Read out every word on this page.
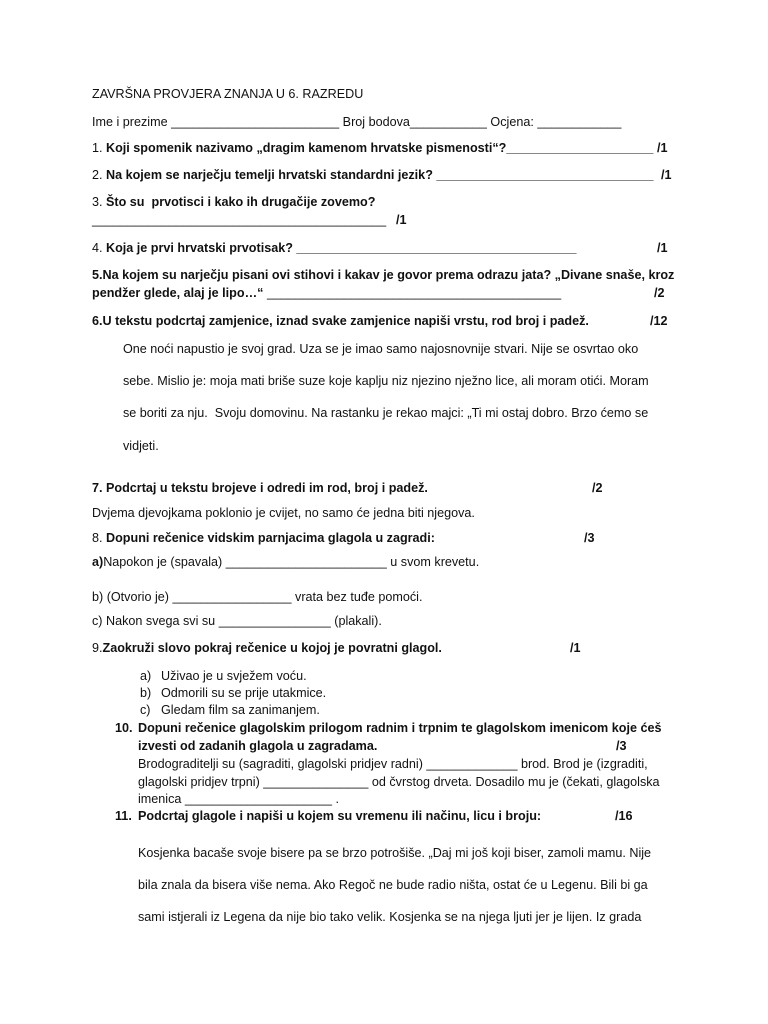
ZAVRŠNA PROVJERA ZNANJA U 6. RAZREDU
Ime i prezime ________________________ Broj bodova___________ Ocjena: ____________
1. Koji spomenik nazivamo „dragim kamenom hrvatske pismenosti“?_____________________ /1
2. Na kojem se narječju temelji hrvatski standardni jezik? _______________________________ /1
3. Što su  prvotisci i kako ih drugačije zovemo?
__________________________________________ /1
4. Koja je prvi hrvatski prvotisak? ________________________________________	/1
5.Na kojem su narječju pisani ovi stihovi i kakav je govor prema odrazu jata? „Divane snaše, kroz
pendžer glede, alaj je lipo…“ __________________________________________	/2
6.U tekstu podcrtaj zamjenice, iznad svake zamjenice napiši vrstu, rod broj i padež.	/12
One noći napustio je svoj grad. Uza se je imao samo najosnovnije stvari. Nije se osvrtao oko
sebe. Mislio je: moja mati briše suze koje kaplju niz njezino nježno lice, ali moram otići. Moram
se boriti za nju.  Svoju domovinu. Na rastanku je rekao majci: „Ti mi ostaj dobro. Brzo ćemo se
vidjeti.
7. Podcrtaj u tekstu brojeve i odredi im rod, broj i padež.	/2
Dvjema djevojkama poklonio je cvijet, no samo će jedna biti njegova.
8. Dopuni rečenice vidskim parnjacima glagola u zagradi:	/3
a)Napokon je (spavala) _______________________ u svom krevetu.
b) (Otvorio je) _________________ vrata bez tuđe pomoći.
c) Nakon svega svi su ________________ (plakali).
9.Zaokruži slovo pokraj rečenice u kojoj je povratni glagol.	/1
a) Uživao je u svježem voću.
b) Odmorili su se prije utakmice.
c) Gledam film sa zanimanjem.
10. Dopuni rečenice glagolskim prilogom radnim i trpnim te glagolskom imenicom koje ćeš
izvesti od zadanih glagola u zagradama.	/3
Brodograditelji su (sagraditi, glagolski pridjev radni) _____________ brod. Brod je (izgraditi,
glagolski pridjev trpni) _______________ od čvrstog drveta. Dosadilo mu je (čekati, glagolska
imenica _____________________ .
11. Podcrtaj glagole i napiši u kojem su vremenu ili načinu, licu i broju:	/16
Kosjenka bacaše svoje bisere pa se brzo potrošiše. „Daj mi još koji biser, zamoli mamu. Nije
bila znala da bisera više nema. Ako Regoč ne bude radio ništa, ostat će u Legenu. Bili bi ga
sami istjerali iz Legena da nije bio tako velik. Kosjenka se na njega ljuti jer je lijen. Iz grada
